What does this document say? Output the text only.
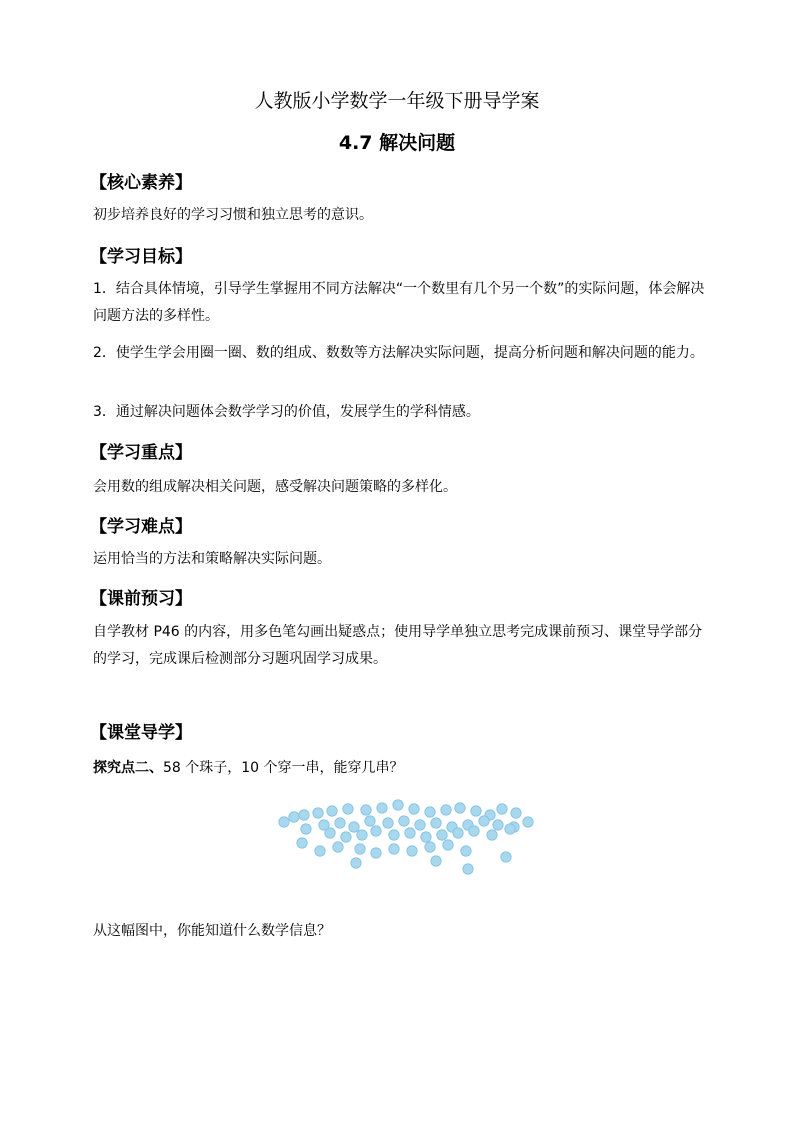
人教版小学数学一年级下册导学案
4.7 解决问题
【核心素养】
初步培养良好的学习习惯和独立思考的意识。
【学习目标】
1．结合具体情境，引导学生掌握用不同方法解决“一个数里有几个另一个数”的实际问题，体会解决问题方法的多样性。
2．使学生学会用圈一圈、数的组成、数数等方法解决实际问题，提高分析问题和解决问题的能力。
3．通过解决问题体会数学学习的价值，发展学生的学科情感。
【学习重点】
会用数的组成解决相关问题，感受解决问题策略的多样化。
【学习难点】
运用恰当的方法和策略解决实际问题。
【课前预习】
自学教材 P46 的内容，用多色笔勾画出疑惑点；使用导学单独立思考完成课前预习、课堂导学部分的学习，完成课后检测部分习题巩固学习成果。
【课堂导学】
探究点二、58 个珠子，10 个穿一串，能穿几串？
从这幅图中，你能知道什么数学信息？
